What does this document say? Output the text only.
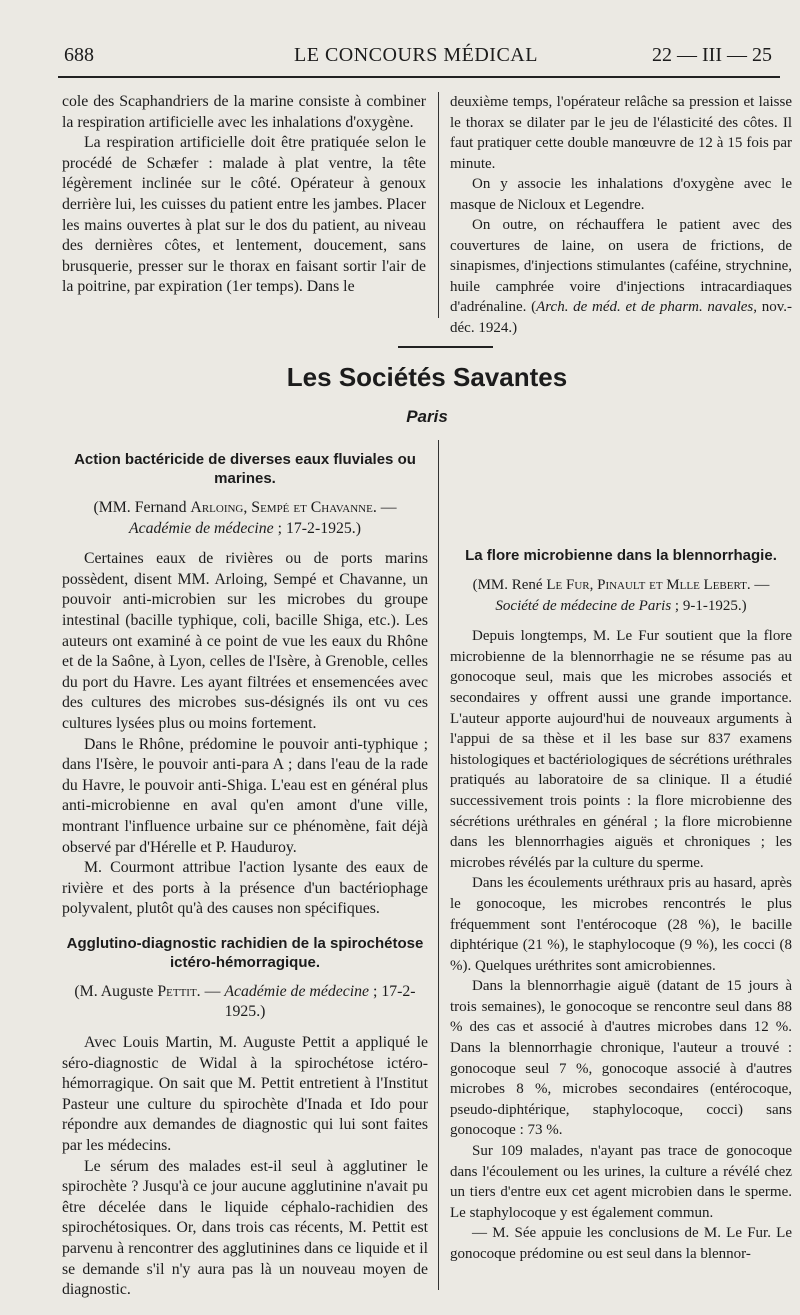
688	LE CONCOURS MÉDICAL	22 — III — 25

cole des Scaphandriers de la marine consiste à combiner la respiration artificielle avec les inhalations d'oxygène.

La respiration artificielle doit être pratiquée selon le procédé de Schæfer : malade à plat ventre, la tête légèrement inclinée sur le côté. Opérateur à genoux derrière lui, les cuisses du patient entre les jambes. Placer les mains ouvertes à plat sur le dos du patient, au niveau des dernières côtes, et lentement, doucement, sans brusquerie, presser sur le thorax en faisant sortir l'air de la poitrine, par expiration (1er temps). Dans le

deuxième temps, l'opérateur relâche sa pression et laisse le thorax se dilater par le jeu de l'élasticité des côtes. Il faut pratiquer cette double manœuvre de 12 à 15 fois par minute.

On y associe les inhalations d'oxygène avec le masque de Nicloux et Legendre.

On outre, on réchauffera le patient avec des couvertures de laine, on usera de frictions, de sinapismes, d'injections stimulantes (caféine, strychnine, huile camphrée voire d'injections intracardiaques d'adrénaline. (Arch. de méd. et de pharm. navales, nov.-déc. 1924.)

Les Sociétés Savantes
Paris
Action bactéricide de diverses eaux fluviales ou marines.

(MM. Fernand Arloing, Sempé et Chavanne. —
Académie de médecine ; 17-2-1925.)

Certaines eaux de rivières ou de ports marins possèdent, disent MM. Arloing, Sempé et Chavanne, un pouvoir anti-microbien sur les microbes du groupe intestinal (bacille typhique, coli, bacille Shiga, etc.). Les auteurs ont examiné à ce point de vue les eaux du Rhône et de la Saône, à Lyon, celles de l'Isère, à Grenoble, celles du port du Havre. Les ayant filtrées et ensemencées avec des cultures des microbes sus-désignés ils ont vu ces cultures lysées plus ou moins fortement.

Dans le Rhône, prédomine le pouvoir anti-typhique ; dans l'Isère, le pouvoir anti-para A ; dans l'eau de la rade du Havre, le pouvoir anti-Shiga. L'eau est en général plus anti-microbienne en aval qu'en amont d'une ville, montrant l'influence urbaine sur ce phénomène, fait déjà observé par d'Hérelle et P. Hauduroy.

M. Courmont attribue l'action lysante des eaux de rivière et des ports à la présence d'un bactériophage polyvalent, plutôt qu'à des causes non spécifiques.

Agglutino-diagnostic rachidien de la spirochétose ictéro-hémorragique.

(M. Auguste Pettit. — Académie de médecine ; 17-2-1925.)

Avec Louis Martin, M. Auguste Pettit a appliqué le séro-diagnostic de Widal à la spirochétose ictéro-hémorragique. On sait que M. Pettit entretient à l'Institut Pasteur une culture du spirochète d'Inada et Ido pour répondre aux demandes de diagnostic qui lui sont faites par les médecins.

Le sérum des malades est-il seul à agglutiner le spirochète ? Jusqu'à ce jour aucune agglutinine n'avait pu être décelée dans le liquide céphalo-rachidien des spirochétosiques. Or, dans trois cas récents, M. Pettit est parvenu à rencontrer des agglutinines dans ce liquide et il se demande s'il n'y aura pas là un nouveau moyen de diagnostic.

La flore microbienne dans la blennorrhagie.

(MM. René Le Fur, Pinault et Mlle Lebert. — Société de médecine de Paris ; 9-1-1925.)

Depuis longtemps, M. Le Fur soutient que la flore microbienne de la blennorrhagie ne se résume pas au gonocoque seul, mais que les microbes associés et secondaires y offrent aussi une grande importance. L'auteur apporte aujourd'hui de nouveaux arguments à l'appui de sa thèse et il les base sur 837 examens histologiques et bactériologiques de sécrétions uréthrales pratiqués au laboratoire de sa clinique. Il a étudié successivement trois points : la flore microbienne des sécrétions uréthrales en général ; la flore microbienne dans les blennorrhagies aiguës et chroniques ; les microbes révélés par la culture du sperme.

Dans les écoulements uréthraux pris au hasard, après le gonocoque, les microbes rencontrés le plus fréquemment sont l'entérocoque (28 %), le bacille diphtérique (21 %), le staphylocoque (9 %), les cocci (8 %). Quelques uréthrites sont amicrobiennes.

Dans la blennorrhagie aiguë (datant de 15 jours à trois semaines), le gonocoque se rencontre seul dans 88 % des cas et associé à d'autres microbes dans 12 %. Dans la blennorrhagie chronique, l'auteur a trouvé : gonocoque seul 7 %, gonocoque associé à d'autres microbes 8 %, microbes secondaires (entérocoque, pseudo-diphtérique, staphylocoque, cocci) sans gonocoque : 73 %.

Sur 109 malades, n'ayant pas trace de gonocoque dans l'écoulement ou les urines, la culture a révélé chez un tiers d'entre eux cet agent microbien dans le sperme. Le staphylocoque y est également commun.

— M. Sée appuie les conclusions de M. Le Fur. Le gonocoque prédomine ou est seul dans la blennor-
